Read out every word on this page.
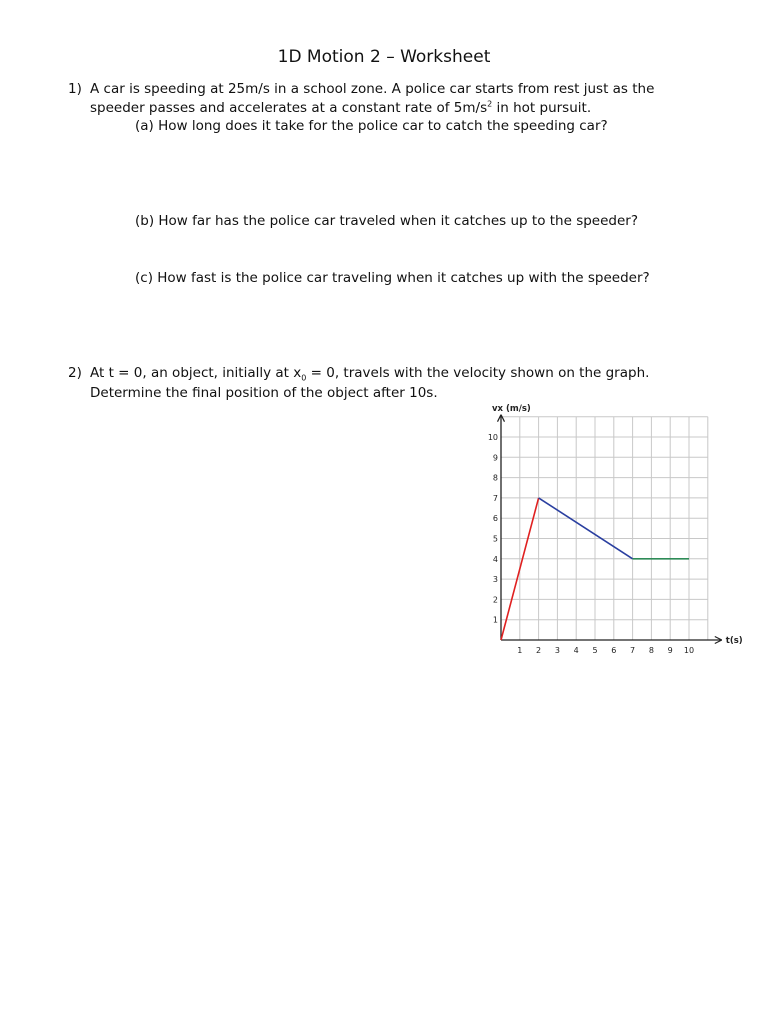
1D Motion 2 – Worksheet
1) A car is speeding at 25m/s in a school zone. A police car starts from rest just as the
speeder passes and accelerates at a constant rate of $5m/s^2$ in hot pursuit.
(a) How long does it take for the police car to catch the speeding car?
(b) How far has the police car traveled when it catches up to the speeder?
(c) How fast is the police car traveling when it catches up with the speeder?
2) At t = 0, an object, initially at $x_0 = 0$, travels with the velocity shown on the graph.
Determine the final position of the object after 10s.
1 2 3 4 5 6 7 8 9 10
1
2
3
4
5
6
7
8
9
10
vx (m/s)
t(s)
